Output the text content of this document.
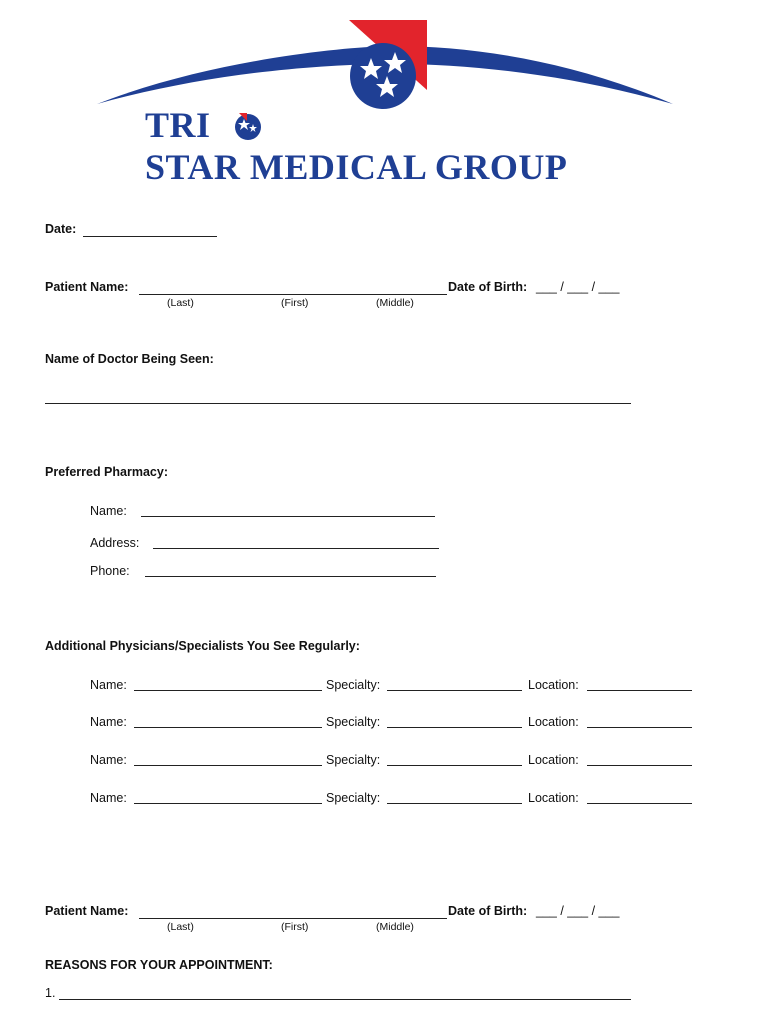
TRI  STAR MEDICAL GROUP
Date:
Patient Name:	Date of Birth: ___ / ___ / ___
(Last)	(First)	(Middle)
Name of Doctor Being Seen:
Preferred Pharmacy:
Name:
Address:
Phone:
Additional Physicians/Specialists You See Regularly:
Name:	Specialty:	Location:
Name:	Specialty:	Location:
Name:	Specialty:	Location:
Name:	Specialty:	Location:
Patient Name:	Date of Birth: ___ / ___ / ___
(Last)	(First)	(Middle)
REASONS FOR YOUR APPOINTMENT:
1.
